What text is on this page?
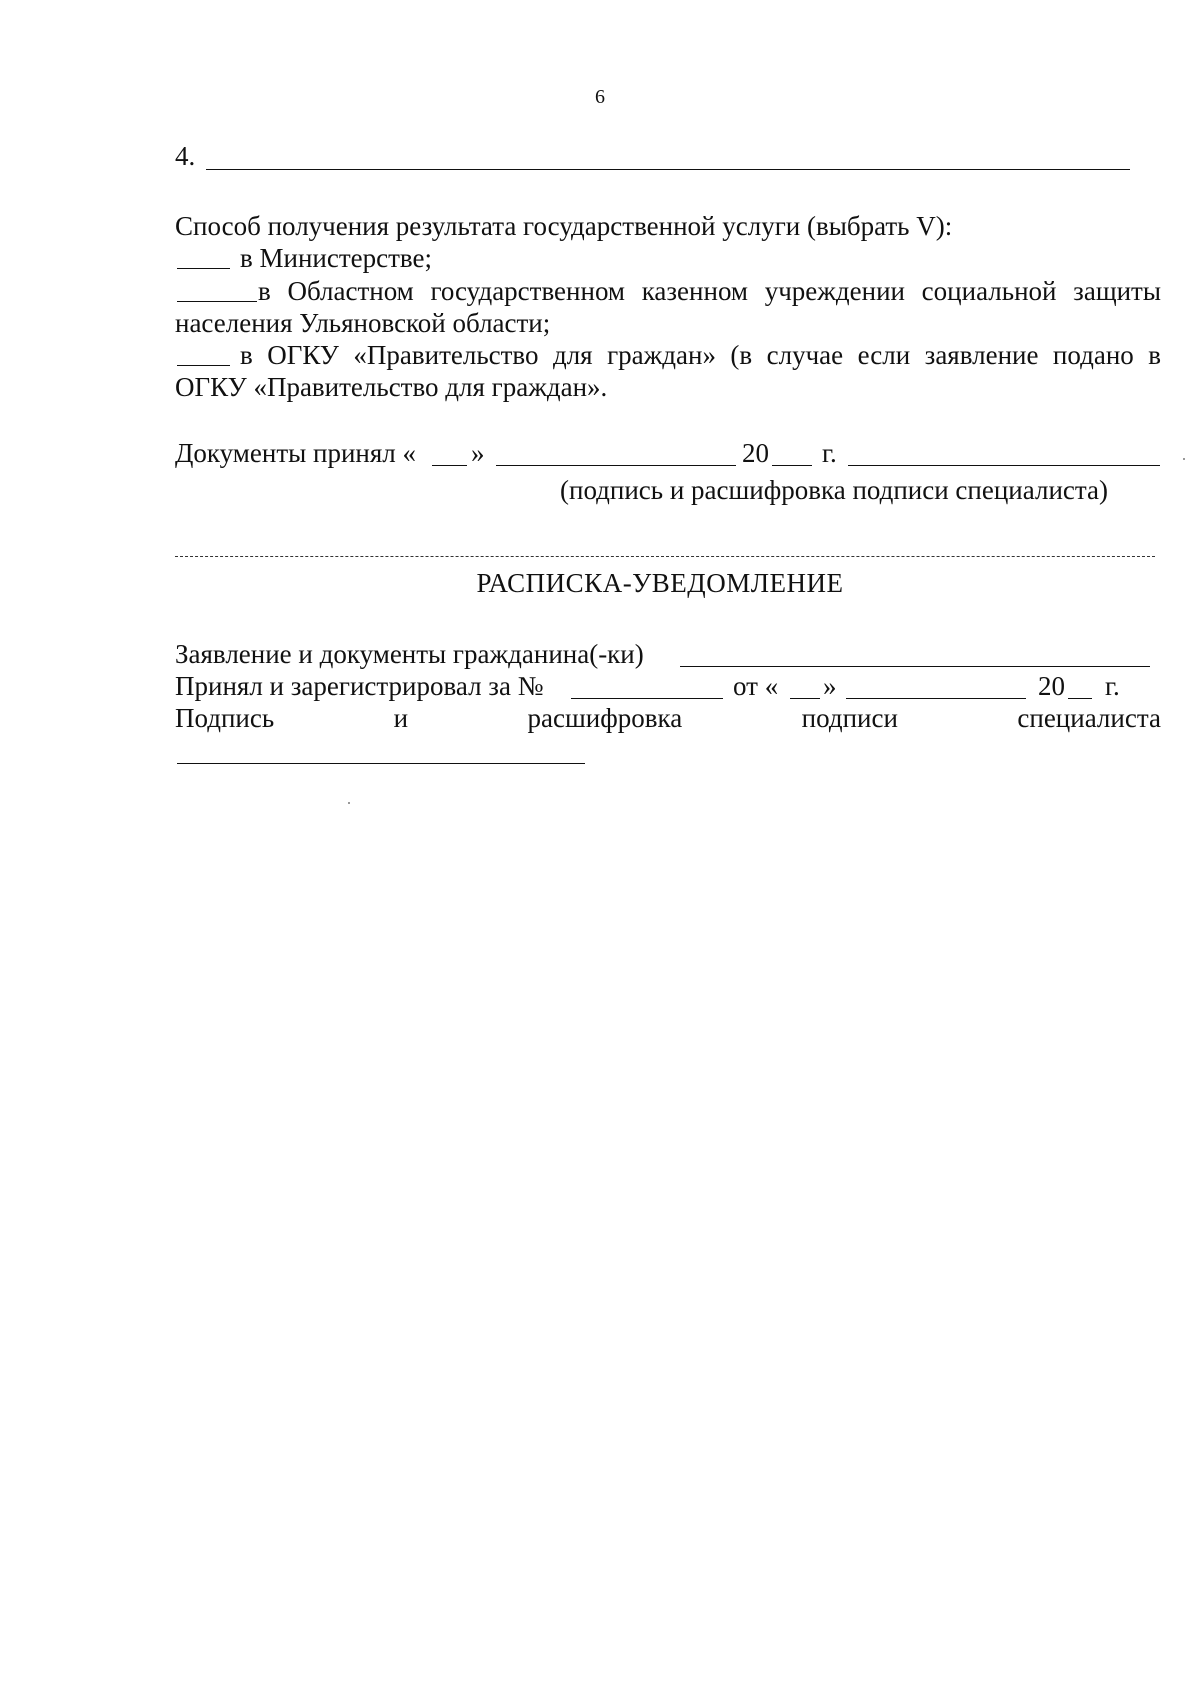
6
4.
Способ получения результата государственной услуги (выбрать V):
в Министерстве;
в Областном государственном казенном учреждении социальной защиты
населения Ульяновской области;
в ОГКУ «Правительство для граждан» (в случае если заявление подано в
ОГКУ «Правительство для граждан».
Документы принял « »	20 г.
(подпись и расшифровка подписи специалиста)
РАСПИСКА-УВЕДОМЛЕНИЕ
Заявление и документы гражданина(-ки)
Принял и зарегистрировал за №	от « »	20 г.
Подпись	и	расшифровка	подписи	специалиста
